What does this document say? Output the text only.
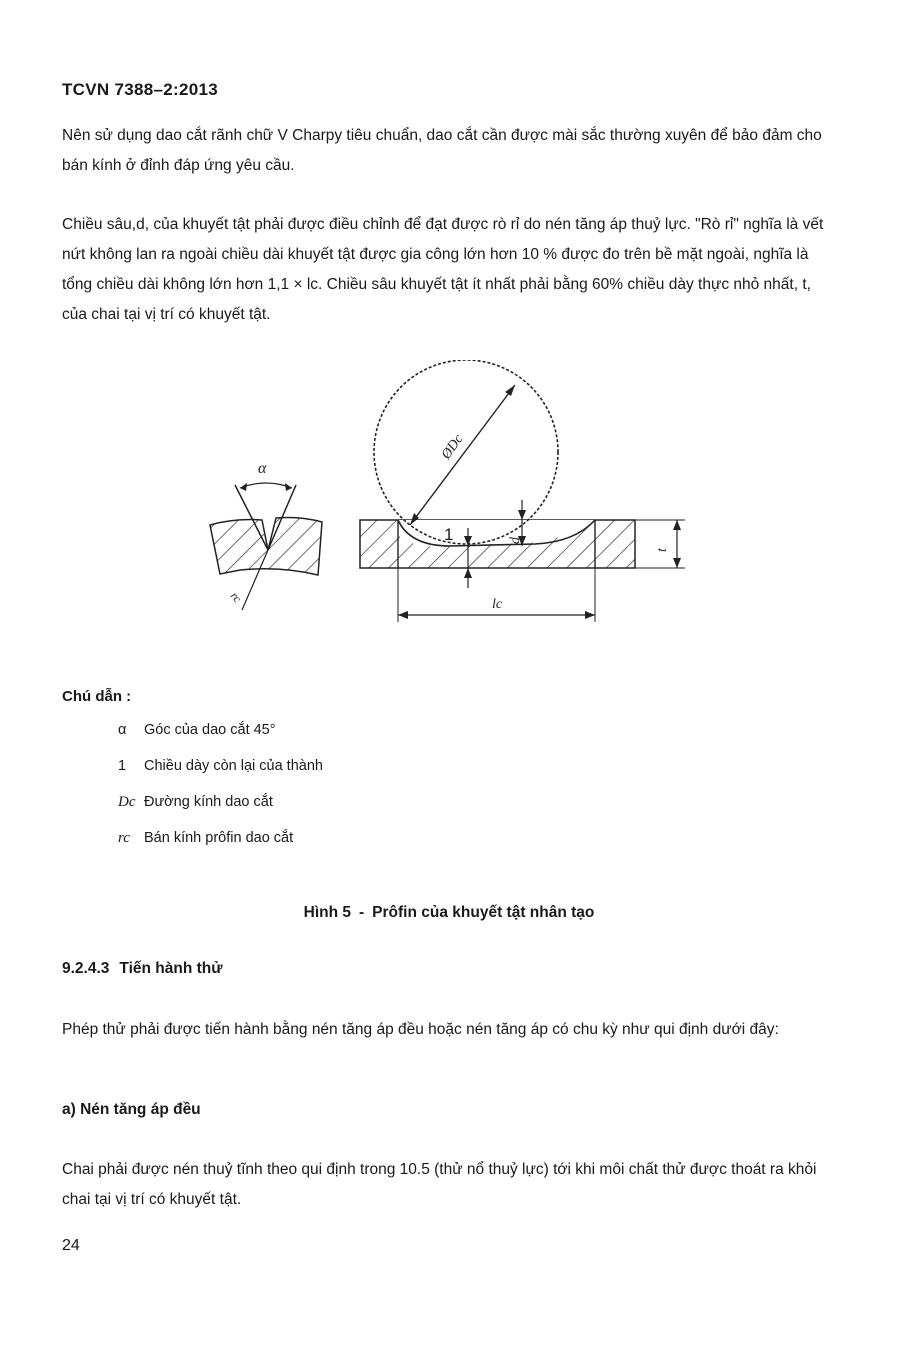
TCVN 7388–2:2013
Nên sử dụng dao cắt rãnh chữ V Charpy tiêu chuẩn, dao cắt cần được mài sắc thường xuyên để bảo đảm cho bán kính ở đỉnh đáp ứng yêu cầu.
Chiều sâu,d, của khuyết tật phải được điều chỉnh để đạt được rò rỉ do nén tăng áp thuỷ lực. "Rò rỉ" nghĩa là vết nứt không lan ra ngoài chiều dài khuyết tật được gia công lớn hơn 10 % được đo trên bề mặt ngoài, nghĩa là tổng chiều dài không lớn hơn 1,1 × lc. Chiều sâu khuyết tật ít nhất phải bằng 60% chiều dày thực nhỏ nhất, t, của chai tại vị trí có khuyết tật.
α
rc
ØDc
1	d
t
lc
Chú dẫn :
α	Góc của dao cắt 45°
1	Chiều dày còn lại của thành
Dc Đường kính dao cắt
rc Bán kính prôfin dao cắt
Hình 5 - Prôfin của khuyết tật nhân tạo
9.2.4.3 Tiến hành thử
Phép thử phải được tiến hành bằng nén tăng áp đều hoặc nén tăng áp có chu kỳ như qui định dưới đây:
a) Nén tăng áp đều
Chai phải được nén thuỷ tĩnh theo qui định trong 10.5 (thử nổ thuỷ lực) tới khi môi chất thử được thoát ra khỏi chai tại vị trí có khuyết tật.
24
